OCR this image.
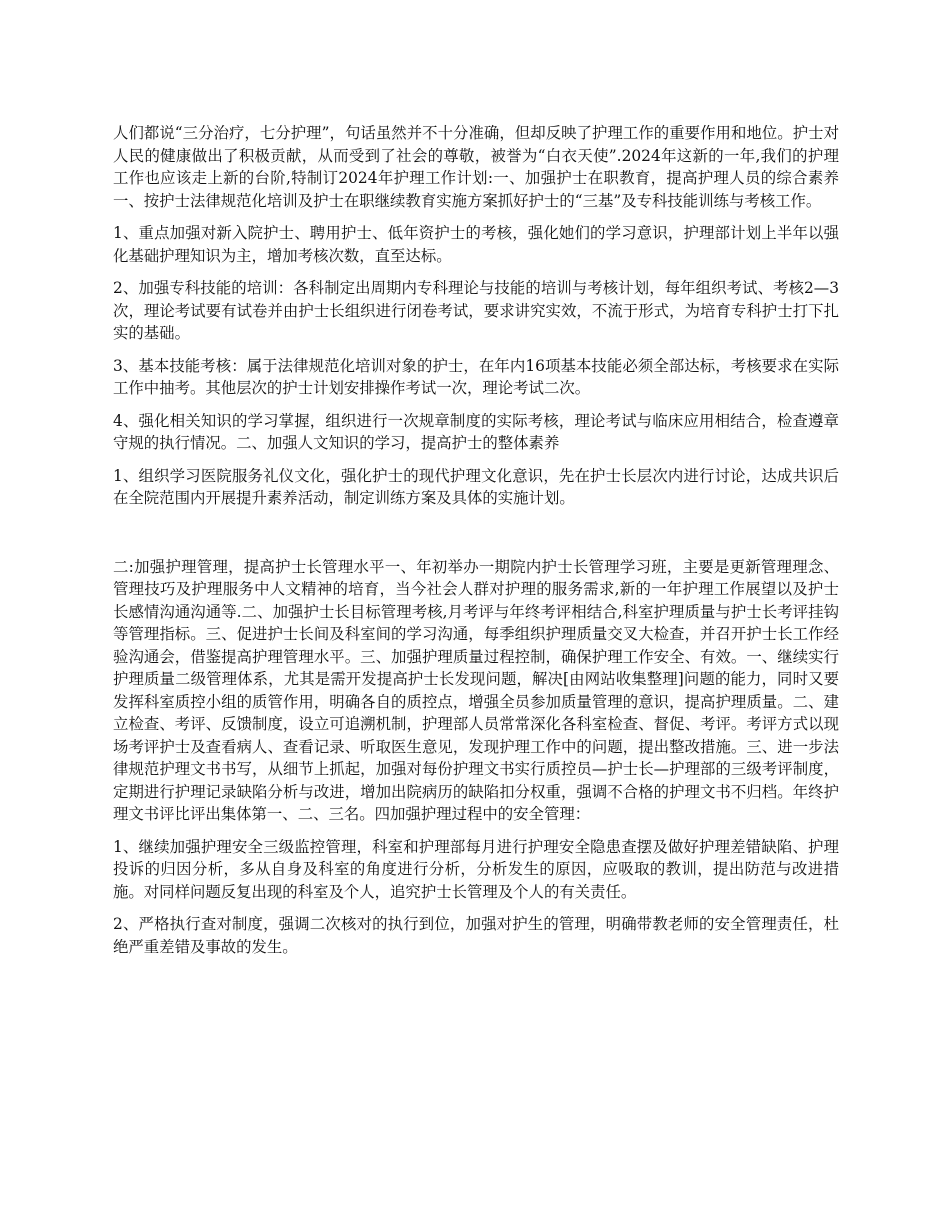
人们都说“三分治疗，七分护理”，句话虽然并不十分准确，但却反映了护理工作的重要作用和地位。护士对人民的健康做出了积极贡献，从而受到了社会的尊敬，被誉为“白衣天使”.2024年这新的一年,我们的护理工作也应该走上新的台阶,特制订2024年护理工作计划:一、加强护士在职教育，提高护理人员的综合素养一、按护士法律规范化培训及护士在职继续教育实施方案抓好护士的“三基”及专科技能训练与考核工作。

1、重点加强对新入院护士、聘用护士、低年资护士的考核，强化她们的学习意识，护理部计划上半年以强化基础护理知识为主，增加考核次数，直至达标。

2、加强专科技能的培训：各科制定出周期内专科理论与技能的培训与考核计划，每年组织考试、考核2—3次，理论考试要有试卷并由护士长组织进行闭卷考试，要求讲究实效，不流于形式，为培育专科护士打下扎实的基础。

3、基本技能考核：属于法律规范化培训对象的护士，在年内16项基本技能必须全部达标，考核要求在实际工作中抽考。其他层次的护士计划安排操作考试一次，理论考试二次。

4、强化相关知识的学习掌握，组织进行一次规章制度的实际考核，理论考试与临床应用相结合，检查遵章守规的执行情况。二、加强人文知识的学习，提高护士的整体素养

1、组织学习医院服务礼仪文化，强化护士的现代护理文化意识，先在护士长层次内进行讨论，达成共识后在全院范围内开展提升素养活动，制定训练方案及具体的实施计划。

二:加强护理管理，提高护士长管理水平一、年初举办一期院内护士长管理学习班，主要是更新管理理念、管理技巧及护理服务中人文精神的培育，当今社会人群对护理的服务需求,新的一年护理工作展望以及护士长感情沟通沟通等.二、加强护士长目标管理考核,月考评与年终考评相结合,科室护理质量与护士长考评挂钩等管理指标。三、促进护士长间及科室间的学习沟通，每季组织护理质量交叉大检查，并召开护士长工作经验沟通会，借鉴提高护理管理水平。三、加强护理质量过程控制，确保护理工作安全、有效。一、继续实行护理质量二级管理体系，尤其是需开发提高护士长发现问题，解决[由网站收集整理]问题的能力，同时又要发挥科室质控小组的质管作用，明确各自的质控点，增强全员参加质量管理的意识，提高护理质量。二、建立检查、考评、反馈制度，设立可追溯机制，护理部人员常常深化各科室检查、督促、考评。考评方式以现场考评护士及查看病人、查看记录、听取医生意见，发现护理工作中的问题，提出整改措施。三、进一步法律规范护理文书书写，从细节上抓起，加强对每份护理文书实行质控员—护士长—护理部的三级考评制度，定期进行护理记录缺陷分析与改进，增加出院病历的缺陷扣分权重，强调不合格的护理文书不归档。年终护理文书评比评出集体第一、二、三名。四加强护理过程中的安全管理：

1、继续加强护理安全三级监控管理，科室和护理部每月进行护理安全隐患查摆及做好护理差错缺陷、护理投诉的归因分析，多从自身及科室的角度进行分析，分析发生的原因，应吸取的教训，提出防范与改进措施。对同样问题反复出现的科室及个人，追究护士长管理及个人的有关责任。

2、严格执行查对制度，强调二次核对的执行到位，加强对护生的管理，明确带教老师的安全管理责任，杜绝严重差错及事故的发生。
